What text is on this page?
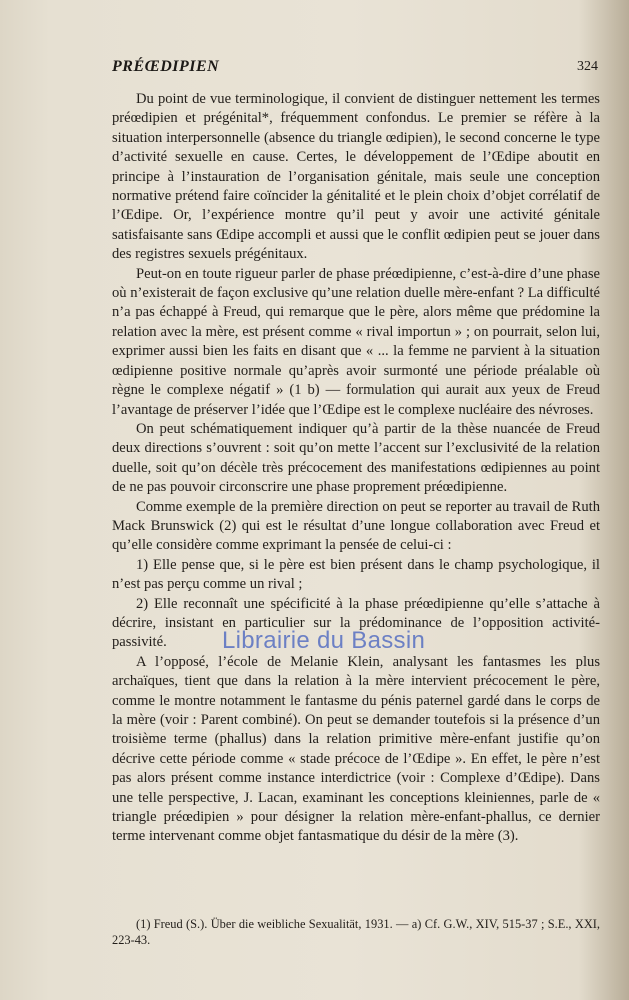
PRÉŒDIPIEN	324

Du point de vue terminologique, il convient de distinguer nettement les termes préœdipien et prégénital*, fréquemment confondus. Le premier se réfère à la situation interpersonnelle (absence du triangle œdipien), le second concerne le type d’activité sexuelle en cause. Certes, le développement de l’Œdipe aboutit en principe à l’instauration de l’organisation génitale, mais seule une conception normative prétend faire coïncider la génitalité et le plein choix d’objet corrélatif de l’Œdipe. Or, l’expérience montre qu’il peut y avoir une activité génitale satisfaisante sans Œdipe accompli et aussi que le conflit œdipien peut se jouer dans des registres sexuels prégénitaux.

Peut-on en toute rigueur parler de phase préœdipienne, c’est-à-dire d’une phase où n’existerait de façon exclusive qu’une relation duelle mère-enfant ? La difficulté n’a pas échappé à Freud, qui remarque que le père, alors même que prédomine la relation avec la mère, est présent comme « rival importun » ; on pourrait, selon lui, exprimer aussi bien les faits en disant que « ... la femme ne parvient à la situation œdipienne positive normale qu’après avoir surmonté une période préalable où règne le complexe négatif » (1 b) — formulation qui aurait aux yeux de Freud l’avantage de préserver l’idée que l’Œdipe est le complexe nucléaire des névroses.

On peut schématiquement indiquer qu’à partir de la thèse nuancée de Freud deux directions s’ouvrent : soit qu’on mette l’accent sur l’exclusivité de la relation duelle, soit qu’on décèle très précocement des manifestations œdipiennes au point de ne pas pouvoir circonscrire une phase proprement préœdipienne.

Comme exemple de la première direction on peut se reporter au travail de Ruth Mack Brunswick (2) qui est le résultat d’une longue collaboration avec Freud et qu’elle considère comme exprimant la pensée de celui-ci :

1) Elle pense que, si le père est bien présent dans le champ psychologique, il n’est pas perçu comme un rival ;

2) Elle reconnaît une spécificité à la phase préœdipienne qu’elle s’attache à décrire, insistant en particulier sur la prédominance de l’opposition activité-passivité.

A l’opposé, l’école de Melanie Klein, analysant les fantasmes les plus archaïques, tient que dans la relation à la mère intervient précocement le père, comme le montre notamment le fantasme du pénis paternel gardé dans le corps de la mère (voir : Parent combiné). On peut se demander toutefois si la présence d’un troisième terme (phallus) dans la relation primitive mère-enfant justifie qu’on décrive cette période comme « stade précoce de l’Œdipe ». En effet, le père n’est pas alors présent comme instance interdictrice (voir : Complexe d’Œdipe). Dans une telle perspective, J. Lacan, examinant les conceptions kleiniennes, parle de « triangle préœdipien » pour désigner la relation mère-enfant-phallus, ce dernier terme intervenant comme objet fantasmatique du désir de la mère (3).

Librairie du Bassin
(1) Freud (S.). Über die weibliche Sexualität, 1931. — a) Cf. G.W., XIV, 515-37 ; S.E., XXI, 223-43.
